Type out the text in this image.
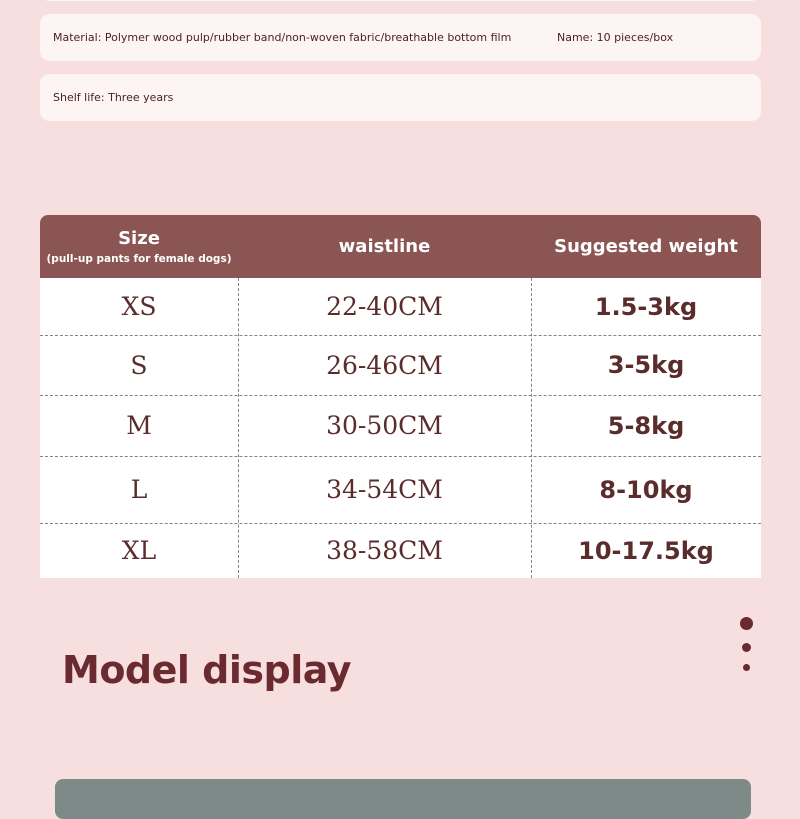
Material: Polymer wood pulp/rubber band/non-woven fabric/breathable bottom film	Name: 10 pieces/box
Shelf life: Three years
Size
(pull-up pants for female dogs)
waistline	Suggested weight
XS	22-40CM	1.5-3kg
S	26-46CM	3-5kg
M	30-50CM	5-8kg
L	34-54CM	8-10kg
XL	38-58CM	10-17.5kg
Model display
